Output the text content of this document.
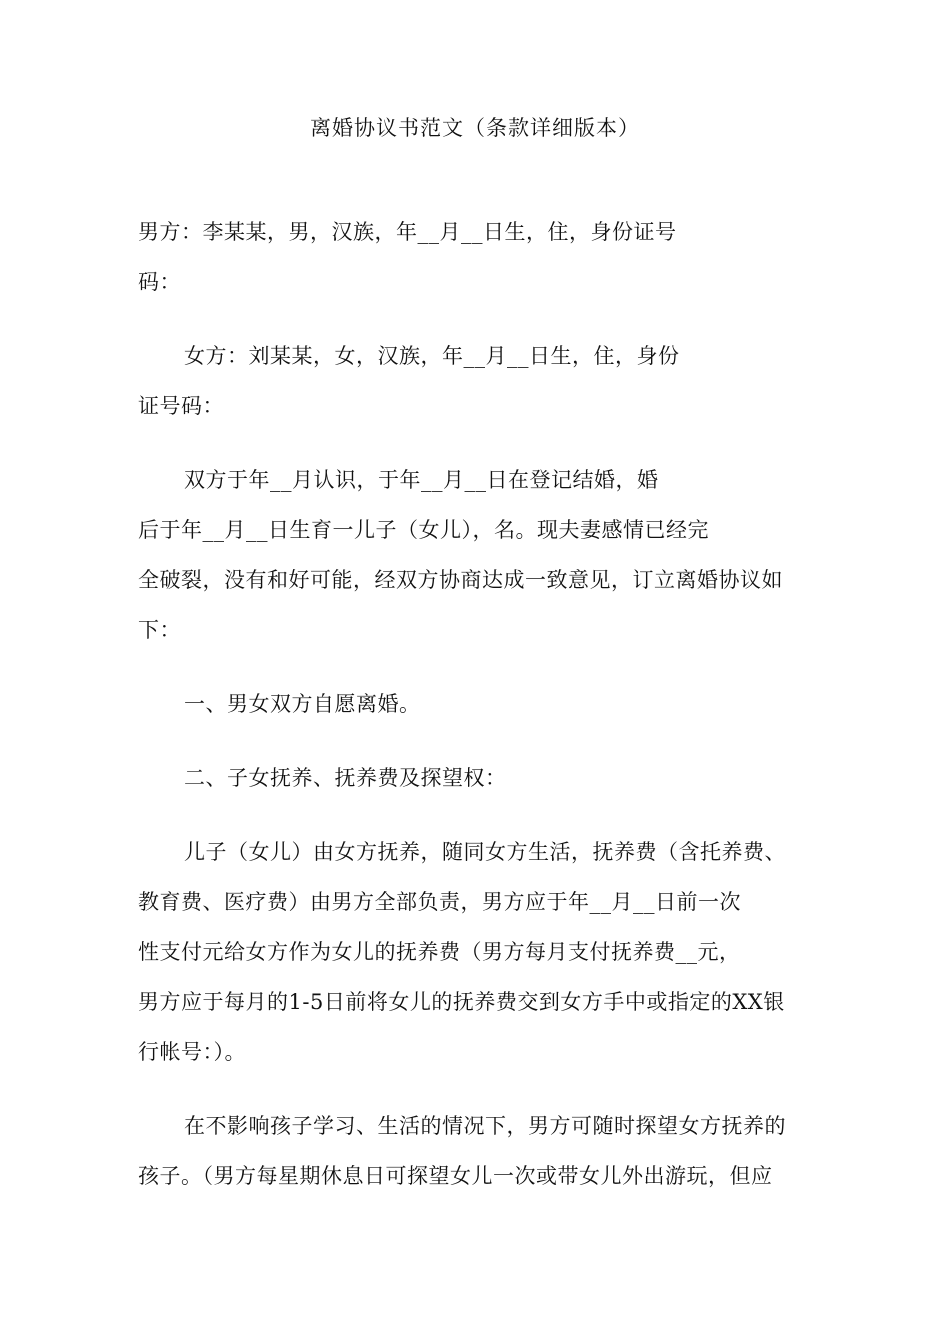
离婚协议书范文（条款详细版本）
男方：李某某，男，汉族，年__月__日生，住，身份证号
码：
女方：刘某某，女，汉族，年__月__日生，住，身份
证号码：
双方于年__月认识，于年__月__日在登记结婚，婚
后于年__月__日生育一儿子（女儿），名。现夫妻感情已经完
全破裂，没有和好可能，经双方协商达成一致意见，订立离婚协议如
下：
一、男女双方自愿离婚。
二、子女抚养、抚养费及探望权：
儿子（女儿）由女方抚养，随同女方生活，抚养费（含托养费、
教育费、医疗费）由男方全部负责，男方应于年__月__日前一次
性支付元给女方作为女儿的抚养费（男方每月支付抚养费__元，
男方应于每月的1-5日前将女儿的抚养费交到女方手中或指定的XX银
行帐号：）。
在不影响孩子学习、生活的情况下，男方可随时探望女方抚养的
孩子。（男方每星期休息日可探望女儿一次或带女儿外出游玩，但应
